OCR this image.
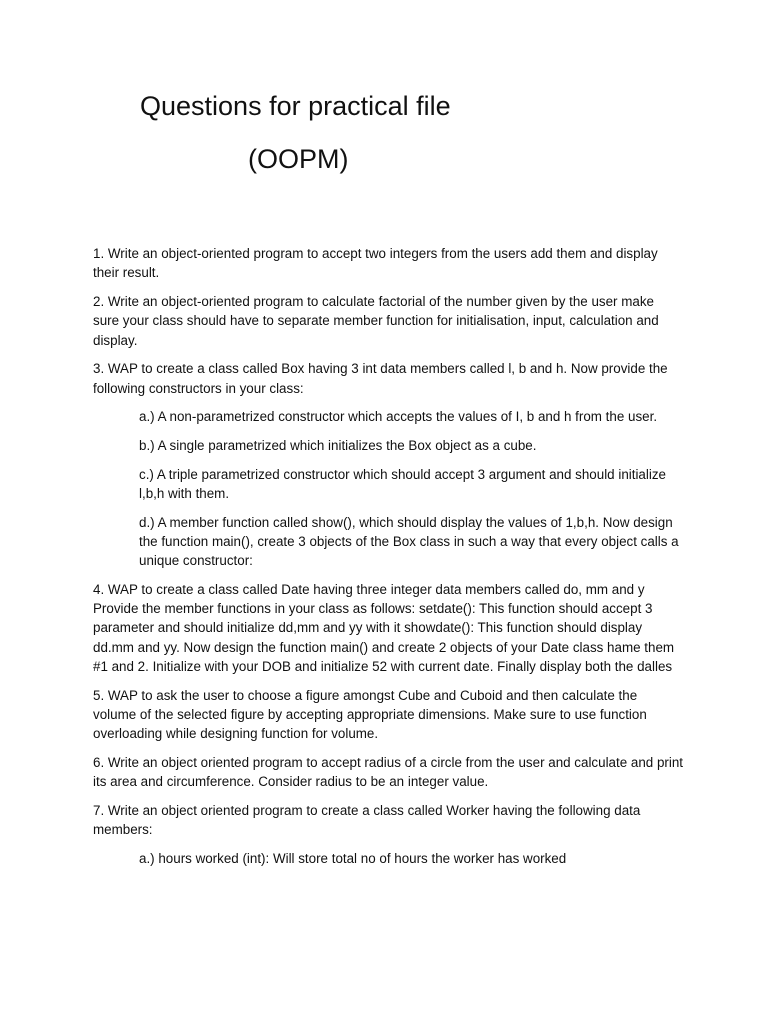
Questions for practical file
(OOPM)

1. Write an object-oriented program to accept two integers from the users add them and display their result.

2. Write an object-oriented program to calculate factorial of the number given by the user make sure your class should have to separate member function for initialisation, input, calculation and display.

3. WAP to create a class called Box having 3 int data members called l, b and h. Now provide the following constructors in your class:

a.) A non-parametrized constructor which accepts the values of I, b and h from the user.

b.) A single parametrized which initializes the Box object as a cube.

c.) A triple parametrized constructor which should accept 3 argument and should initialize l,b,h with them.

d.) A member function called show(), which should display the values of 1,b,h. Now design the function main(), create 3 objects of the Box class in such a way that every object calls a unique constructor:

4. WAP to create a class called Date having three integer data members called do, mm and y Provide the member functions in your class as follows: setdate(): This function should accept 3 parameter and should initialize dd,mm and yy with it showdate(): This function should display dd.mm and yy. Now design the function main() and create 2 objects of your Date class hame them #1 and 2. Initialize with your DOB and initialize 52 with current date. Finally display both the dalles

5. WAP to ask the user to choose a figure amongst Cube and Cuboid and then calculate the volume of the selected figure by accepting appropriate dimensions. Make sure to use function overloading while designing function for volume.

6. Write an object oriented program to accept radius of a circle from the user and calculate and print its area and circumference. Consider radius to be an integer value.

7. Write an object oriented program to create a class called Worker having the following data members:

a.) hours worked (int): Will store total no of hours the worker has worked
